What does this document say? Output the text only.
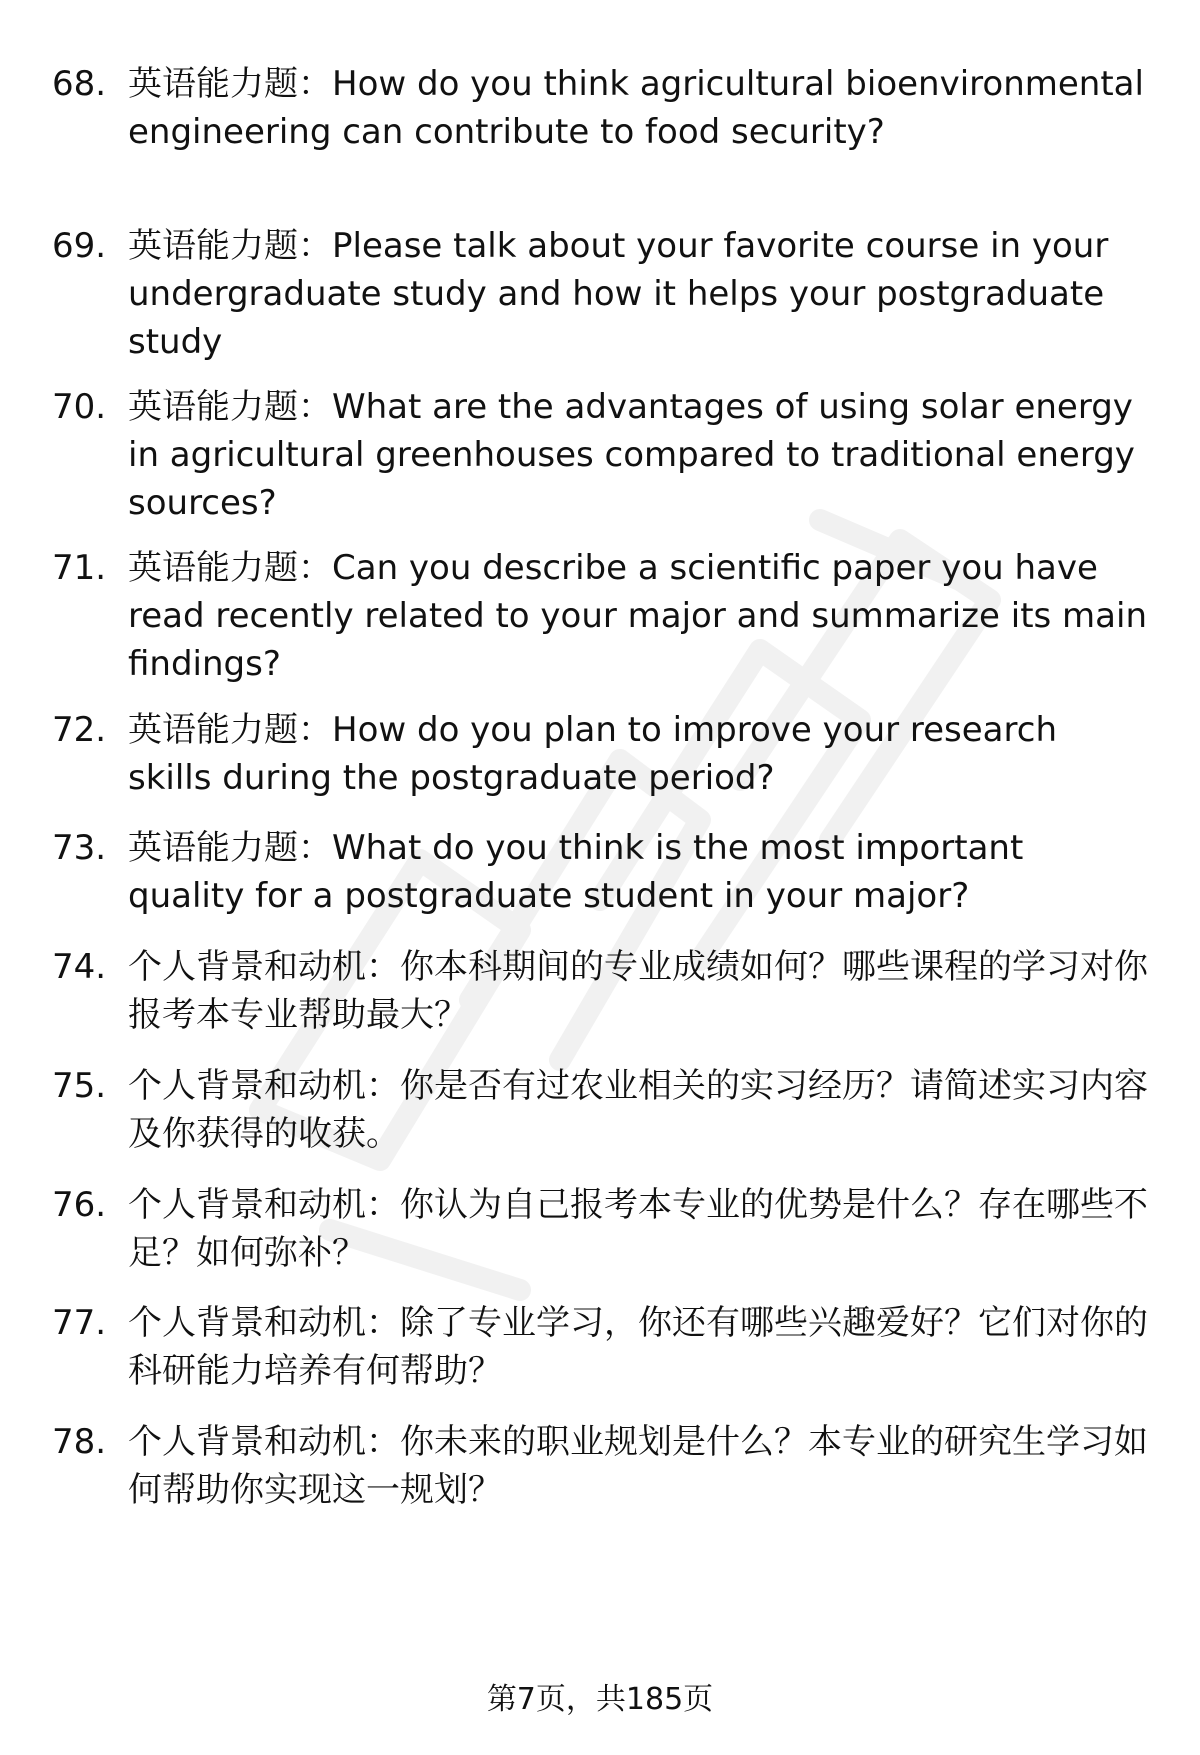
68. 英语能力题：How do you think agricultural bioenvironmental engineering can contribute to food security?
69. 英语能力题：Please talk about your favorite course in your undergraduate study and how it helps your postgraduate study
70. 英语能力题：What are the advantages of using solar energy in agricultural greenhouses compared to traditional energy sources?
71. 英语能力题：Can you describe a scientific paper you have read recently related to your major and summarize its main findings?
72. 英语能力题：How do you plan to improve your research skills during the postgraduate period?
73. 英语能力题：What do you think is the most important quality for a postgraduate student in your major?
74. 个人背景和动机：你本科期间的专业成绩如何？哪些课程的学习对你报考本专业帮助最大？
75. 个人背景和动机：你是否有过农业相关的实习经历？请简述实习内容及你获得的收获。
76. 个人背景和动机：你认为自己报考本专业的优势是什么？存在哪些不足？如何弥补？
77. 个人背景和动机：除了专业学习，你还有哪些兴趣爱好？它们对你的科研能力培养有何帮助？
78. 个人背景和动机：你未来的职业规划是什么？本专业的研究生学习如何帮助你实现这一规划？
第7页，共185页
